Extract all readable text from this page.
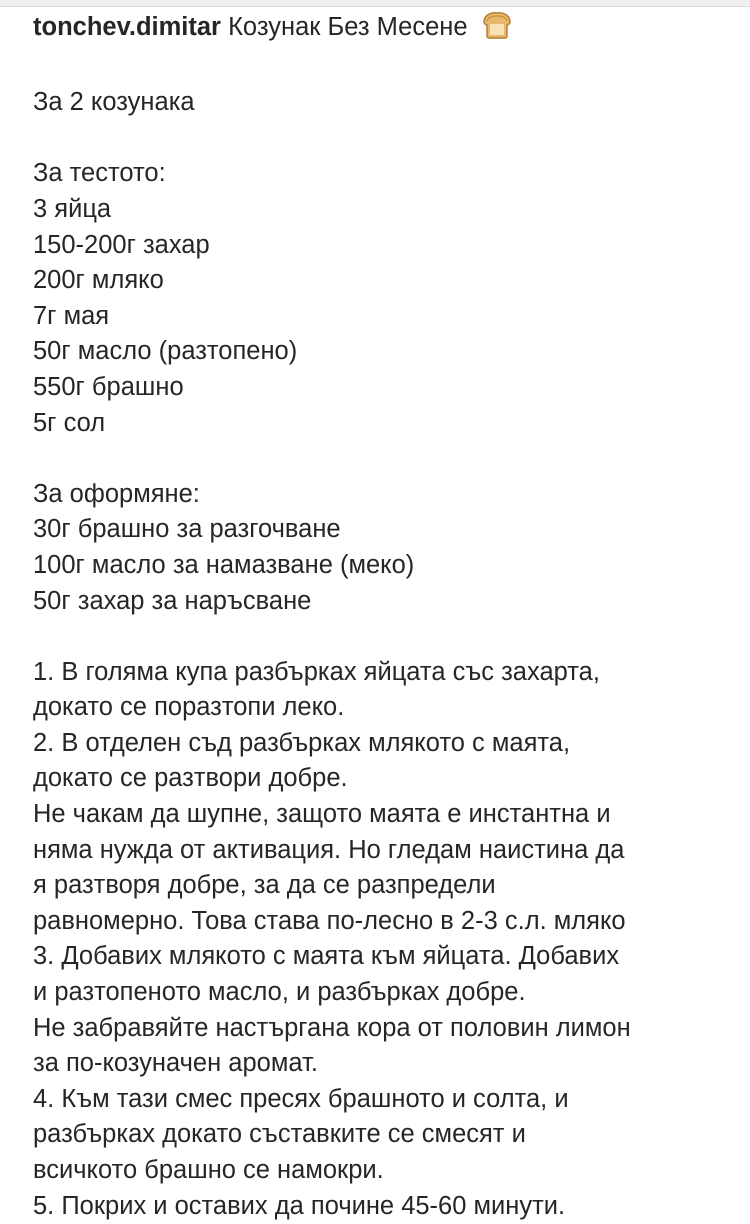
tonchev.dimitar Козунак Без Месене
За 2 козунака
За тестото:
3 яйца
150-200г захар
200г мляко
7г мая
50г масло (разтопено)
550г брашно
5г сол
За оформяне:
30г брашно за разгочване
100г масло за намазване (меко)
50г захар за наръсване
1. В голяма купа разбърках яйцата със захарта,
докато се поразтопи леко.
2. В отделен съд разбърках млякото с маята,
докато се разтвори добре.
Не чакам да шупне, защото маята е инстантна и
няма нужда от активация. Но гледам наистина да
я разтворя добре, за да се разпредели
равномерно. Това става по-лесно в 2-3 с.л. мляко
3. Добавих млякото с маята към яйцата. Добавих
и разтопеното масло, и разбърках добре.
Не забравяйте настъргана кора от половин лимон
за по-козуначен аромат.
4. Към тази смес пресях брашното и солта, и
разбърках докато съставките се смесят и
всичкото брашно се намокри.
5. Покрих и оставих да почине 45-60 минути.
